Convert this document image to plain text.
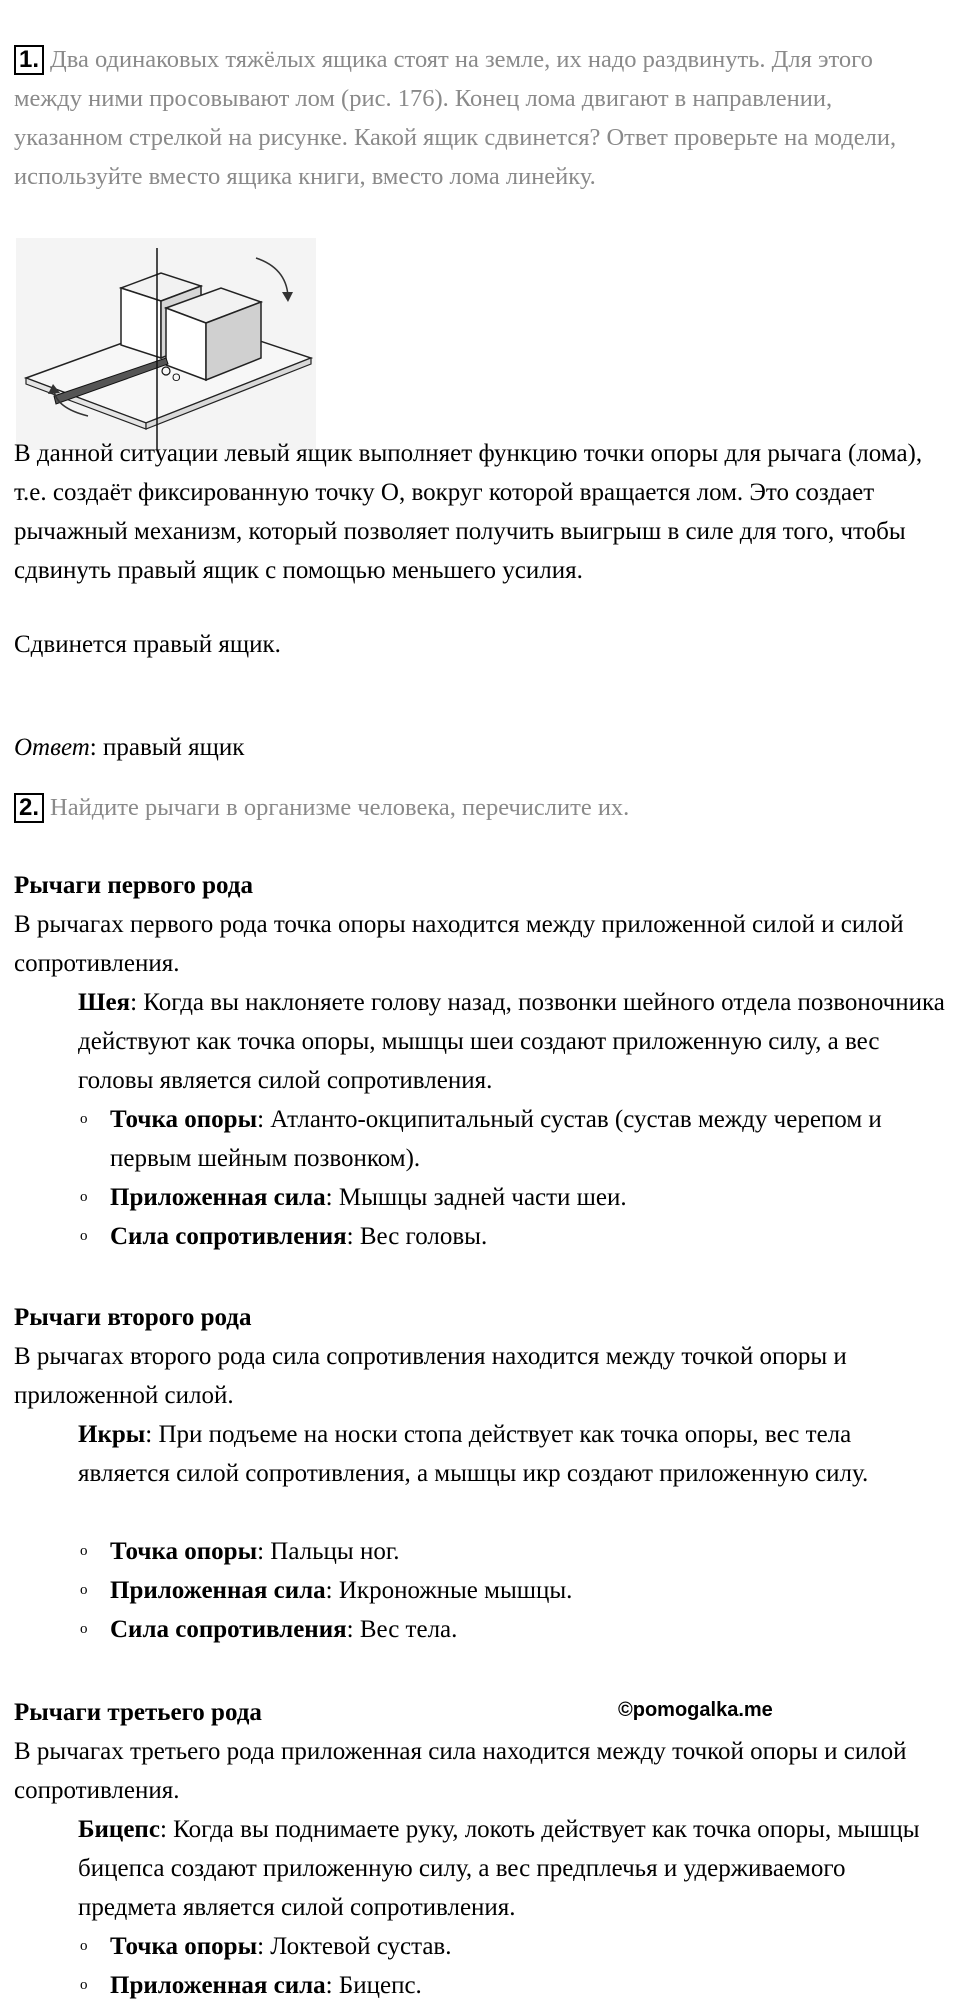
1. Два одинаковых тяжёлых ящика стоят на земле, их надо раздвинуть. Для этого между ними просовывают лом (рис. 176). Конец лома двигают в направлении, указанном стрелкой на рисунке. Какой ящик сдвинется? Ответ проверьте на модели, используйте вместо ящика книги, вместо лома линейку.
O
В данной ситуации левый ящик выполняет функцию точки опоры для рычага (лома), т.е. создаёт фиксированную точку О, вокруг которой вращается лом. Это создает рычажный механизм, который позволяет получить выигрыш в силе для того, чтобы сдвинуть правый ящик с помощью меньшего усилия.
Сдвинется правый ящик.
Ответ: правый ящик
2. Найдите рычаги в организме человека, перечислите их.
Рычаги первого рода
В рычагах первого рода точка опоры находится между приложенной силой и силой сопротивления.
Шея: Когда вы наклоняете голову назад, позвонки шейного отдела позвоночника действуют как точка опоры, мышцы шеи создают приложенную силу, а вес головы является силой сопротивления.
o Точка опоры: Атланто-окципитальный сустав (сустав между черепом и первым шейным позвонком).
o Приложенная сила: Мышцы задней части шеи.
o Сила сопротивления: Вес головы.
Рычаги второго рода
В рычагах второго рода сила сопротивления находится между точкой опоры и приложенной силой.
Икры: При подъеме на носки стопа действует как точка опоры, вес тела является силой сопротивления, а мышцы икр создают приложенную силу.
o Точка опоры: Пальцы ног.
o Приложенная сила: Икроножные мышцы.
o Сила сопротивления: Вес тела.
Рычаги третьего рода	©pomogalka.me
В рычагах третьего рода приложенная сила находится между точкой опоры и силой сопротивления.
Бицепс: Когда вы поднимаете руку, локоть действует как точка опоры, мышцы бицепса создают приложенную силу, а вес предплечья и удерживаемого предмета является силой сопротивления.
o Точка опоры: Локтевой сустав.
o Приложенная сила: Бицепс.
